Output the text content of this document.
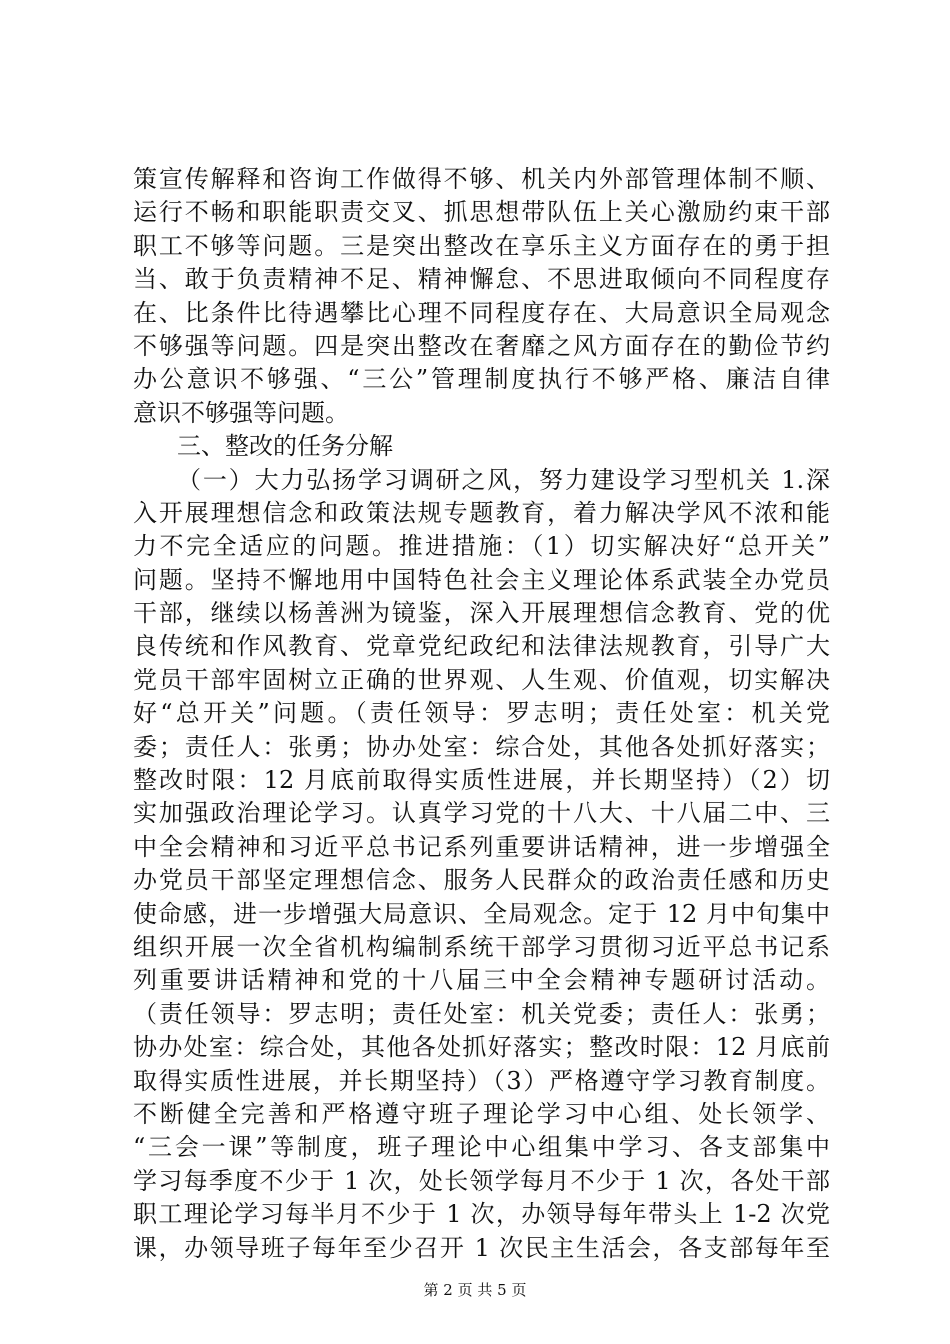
策宣传解释和咨询工作做得不够、机关内外部管理体制不顺、
运行不畅和职能职责交叉、抓思想带队伍上关心激励约束干部
职工不够等问题。三是突出整改在享乐主义方面存在的勇于担
当、敢于负责精神不足、精神懈怠、不思进取倾向不同程度存
在、比条件比待遇攀比心理不同程度存在、大局意识全局观念
不够强等问题。四是突出整改在奢靡之风方面存在的勤俭节约
办公意识不够强、“三公”管理制度执行不够严格、廉洁自律
意识不够强等问题。
三、整改的任务分解
（一）大力弘扬学习调研之风，努力建设学习型机关 1.深
入开展理想信念和政策法规专题教育，着力解决学风不浓和能
力不完全适应的问题。推进措施：（1）切实解决好“总开关”
问题。坚持不懈地用中国特色社会主义理论体系武装全办党员
干部，继续以杨善洲为镜鉴，深入开展理想信念教育、党的优
良传统和作风教育、党章党纪政纪和法律法规教育，引导广大
党员干部牢固树立正确的世界观、人生观、价值观，切实解决
好“总开关”问题。（责任领导：罗志明；责任处室：机关党
委；责任人：张勇；协办处室：综合处，其他各处抓好落实；
整改时限：12 月底前取得实质性进展，并长期坚持）（2）切
实加强政治理论学习。认真学习党的十八大、十八届二中、三
中全会精神和习近平总书记系列重要讲话精神，进一步增强全
办党员干部坚定理想信念、服务人民群众的政治责任感和历史
使命感，进一步增强大局意识、全局观念。定于 12 月中旬集中
组织开展一次全省机构编制系统干部学习贯彻习近平总书记系
列重要讲话精神和党的十八届三中全会精神专题研讨活动。
（责任领导：罗志明；责任处室：机关党委；责任人：张勇；
协办处室：综合处，其他各处抓好落实；整改时限：12 月底前
取得实质性进展，并长期坚持）（3）严格遵守学习教育制度。
不断健全完善和严格遵守班子理论学习中心组、处长领学、
“三会一课”等制度，班子理论中心组集中学习、各支部集中
学习每季度不少于 1 次，处长领学每月不少于 1 次，各处干部
职工理论学习每半月不少于 1 次，办领导每年带头上 1-2 次党
课，办领导班子每年至少召开 1 次民主生活会，各支部每年至
第 2 页 共 5 页
